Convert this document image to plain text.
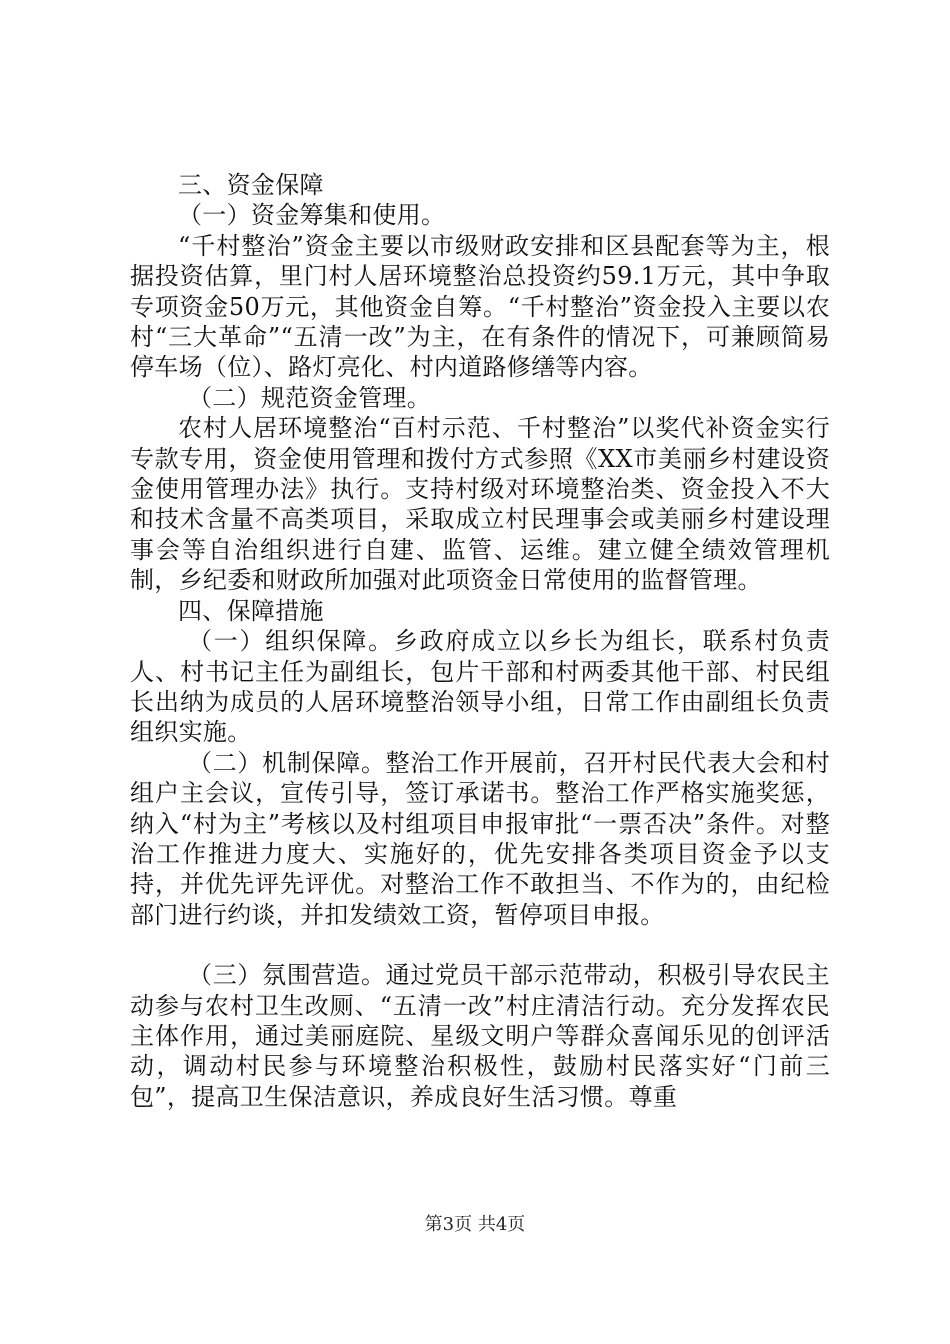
三、资金保障

（一）资金筹集和使用。

“千村整治”资金主要以市级财政安排和区县配套等为主，根据投资估算，里门村人居环境整治总投资约59.1万元，其中争取专项资金50万元，其他资金自筹。“千村整治”资金投入主要以农村“三大革命”“五清一改”为主，在有条件的情况下，可兼顾简易停车场（位）、路灯亮化、村内道路修缮等内容。

（二）规范资金管理。

农村人居环境整治“百村示范、千村整治”以奖代补资金实行专款专用，资金使用管理和拨付方式参照《XX市美丽乡村建设资金使用管理办法》执行。支持村级对环境整治类、资金投入不大和技术含量不高类项目，采取成立村民理事会或美丽乡村建设理事会等自治组织进行自建、监管、运维。建立健全绩效管理机制，乡纪委和财政所加强对此项资金日常使用的监督管理。

四、保障措施

（一）组织保障。乡政府成立以乡长为组长，联系村负责人、村书记主任为副组长，包片干部和村两委其他干部、村民组长出纳为成员的人居环境整治领导小组，日常工作由副组长负责组织实施。

（二）机制保障。整治工作开展前，召开村民代表大会和村组户主会议，宣传引导，签订承诺书。整治工作严格实施奖惩，纳入“村为主”考核以及村组项目申报审批“一票否决”条件。对整治工作推进力度大、实施好的，优先安排各类项目资金予以支持，并优先评先评优。对整治工作不敢担当、不作为的，由纪检部门进行约谈，并扣发绩效工资，暂停项目申报。

（三）氛围营造。通过党员干部示范带动，积极引导农民主动参与农村卫生改厕、“五清一改”村庄清洁行动。充分发挥农民主体作用，通过美丽庭院、星级文明户等群众喜闻乐见的创评活动，调动村民参与环境整治积极性，鼓励村民落实好“门前三包”，提高卫生保洁意识，养成良好生活习惯。尊重

第3页 共4页
